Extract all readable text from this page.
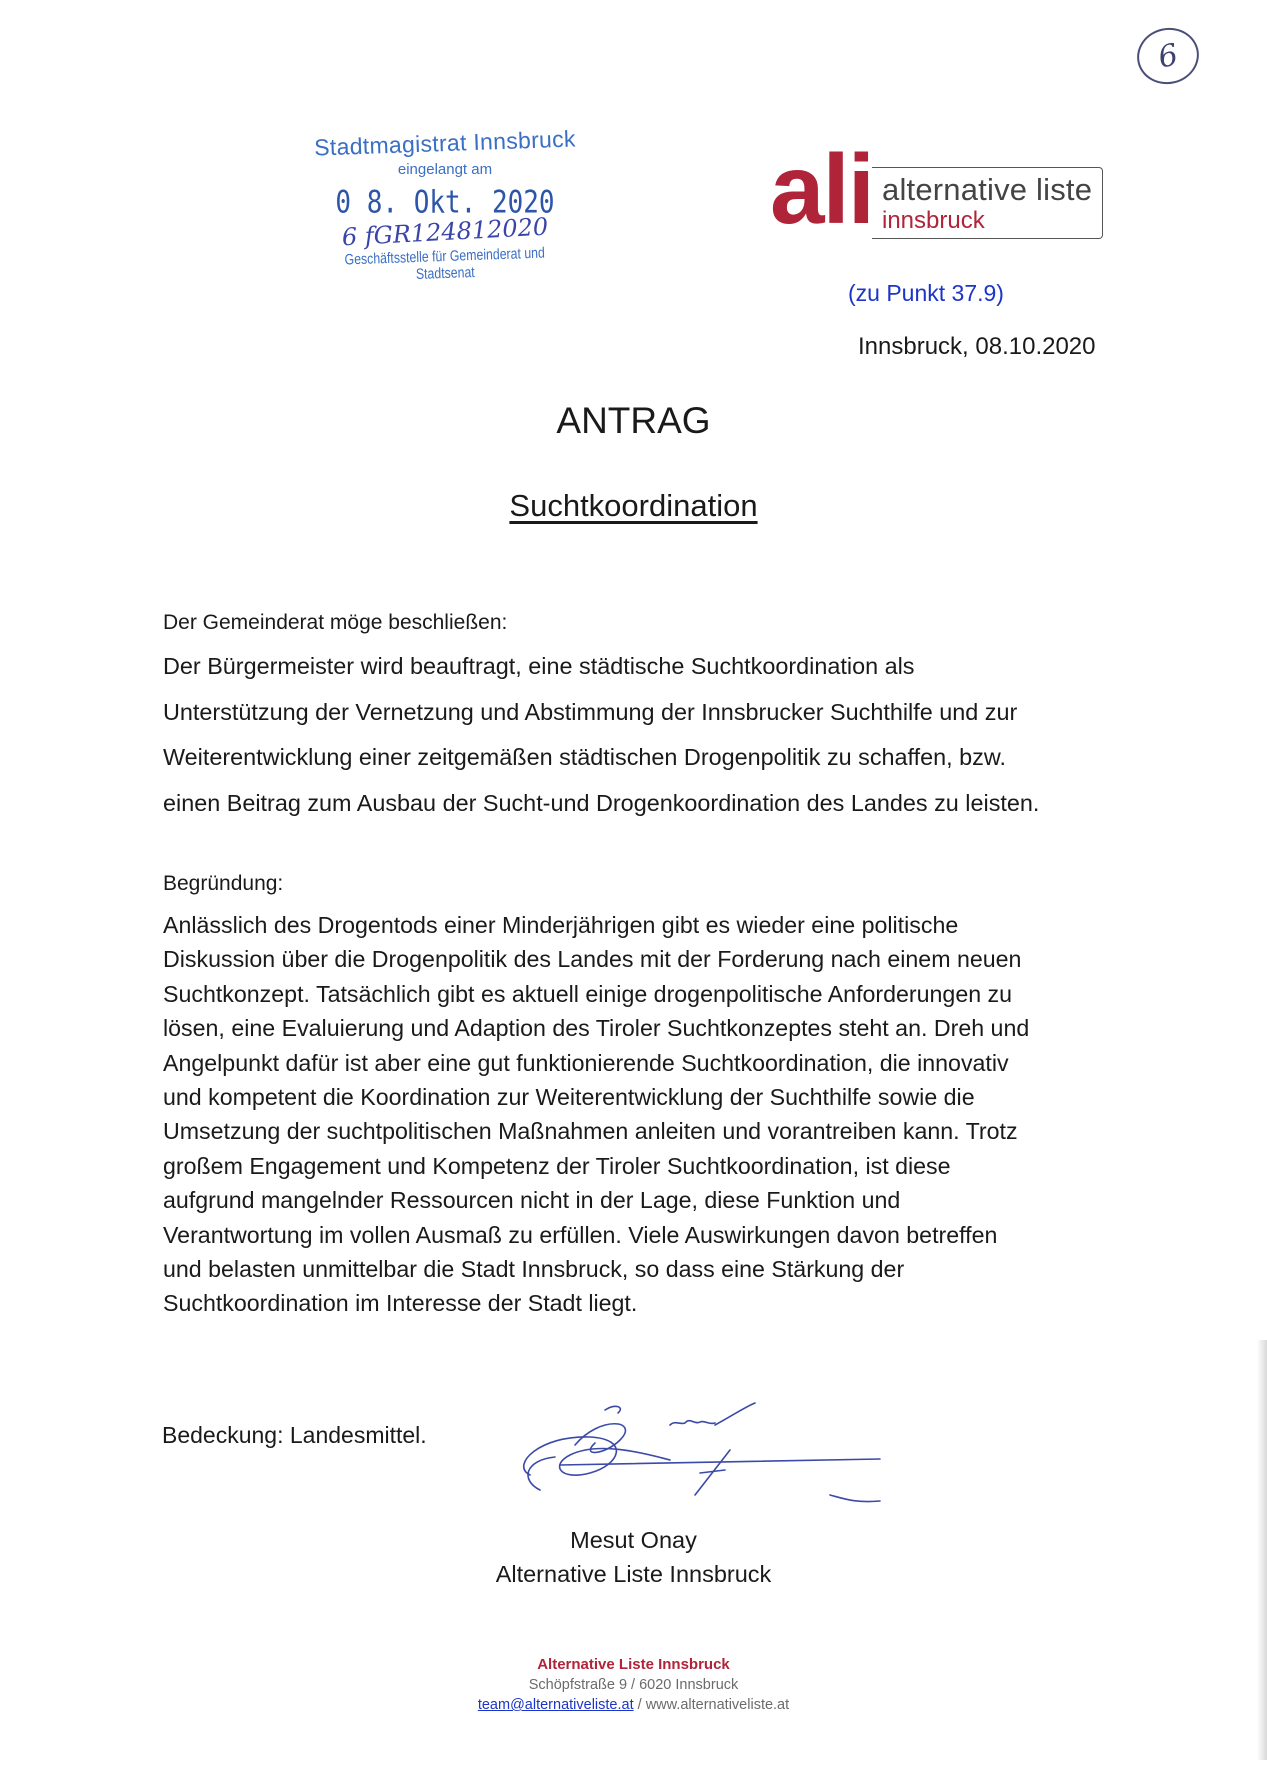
6
Stadtmagistrat Innsbruck
eingelangt am
0 8. Okt. 2020
6 fGR124812020
Geschäftsstelle für Gemeinderat und Stadtsenat
ali alternative liste
innsbruck
(zu Punkt 37.9)
Innsbruck, 08.10.2020
ANTRAG
Suchtkoordination
Der Gemeinderat möge beschließen:
Der Bürgermeister wird beauftragt, eine städtische Suchtkoordination als
Unterstützung der Vernetzung und Abstimmung der Innsbrucker Suchthilfe und zur
Weiterentwicklung einer zeitgemäßen städtischen Drogenpolitik zu schaffen, bzw.
einen Beitrag zum Ausbau der Sucht-und Drogenkoordination des Landes zu leisten.
Begründung:
Anlässlich des Drogentods einer Minderjährigen gibt es wieder eine politische
Diskussion über die Drogenpolitik des Landes mit der Forderung nach einem neuen
Suchtkonzept. Tatsächlich gibt es aktuell einige drogenpolitische Anforderungen zu
lösen, eine Evaluierung und Adaption des Tiroler Suchtkonzeptes steht an. Dreh und
Angelpunkt dafür ist aber eine gut funktionierende Suchtkoordination, die innovativ
und kompetent die Koordination zur Weiterentwicklung der Suchthilfe sowie die
Umsetzung der suchtpolitischen Maßnahmen anleiten und vorantreiben kann. Trotz
großem Engagement und Kompetenz der Tiroler Suchtkoordination, ist diese
aufgrund mangelnder Ressourcen nicht in der Lage, diese Funktion und
Verantwortung im vollen Ausmaß zu erfüllen. Viele Auswirkungen davon betreffen
und belasten unmittelbar die Stadt Innsbruck, so dass eine Stärkung der
Suchtkoordination im Interesse der Stadt liegt.
Bedeckung: Landesmittel.
Mesut Onay
Alternative Liste Innsbruck
Alternative Liste Innsbruck
Schöpfstraße 9 / 6020 Innsbruck
team@alternativeliste.at / www.alternativeliste.at
